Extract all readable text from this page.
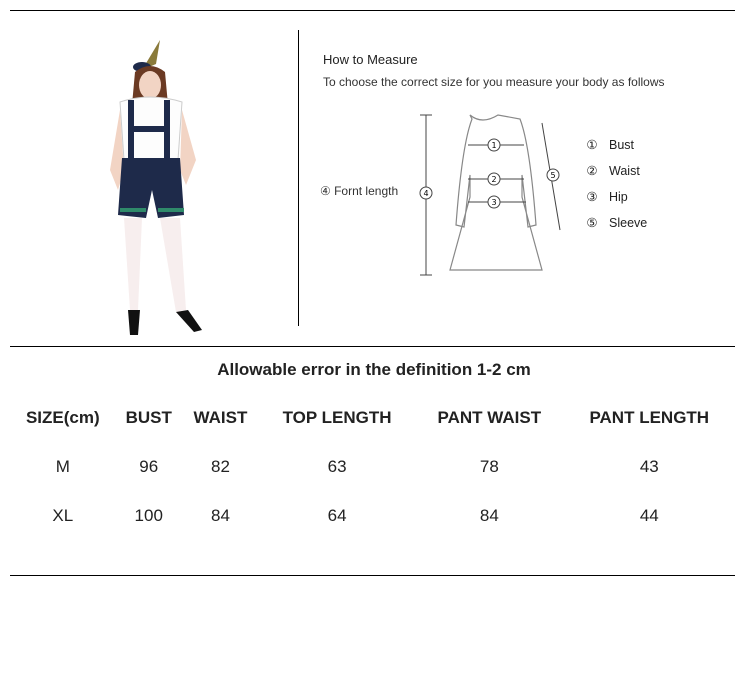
How to Measure
To choose the correct size for you measure your body as follows
4
5
1
2
3
④ Fornt length
① Bust
② Waist
③ Hip
⑤ Sleeve
Allowable error in the definition 1-2 cm
SIZE(cm)	BUST	WAIST	TOP LENGTH	PANT WAIST	PANT LENGTH
M	96	82	63	78	43
XL	100	84	64	84	44
